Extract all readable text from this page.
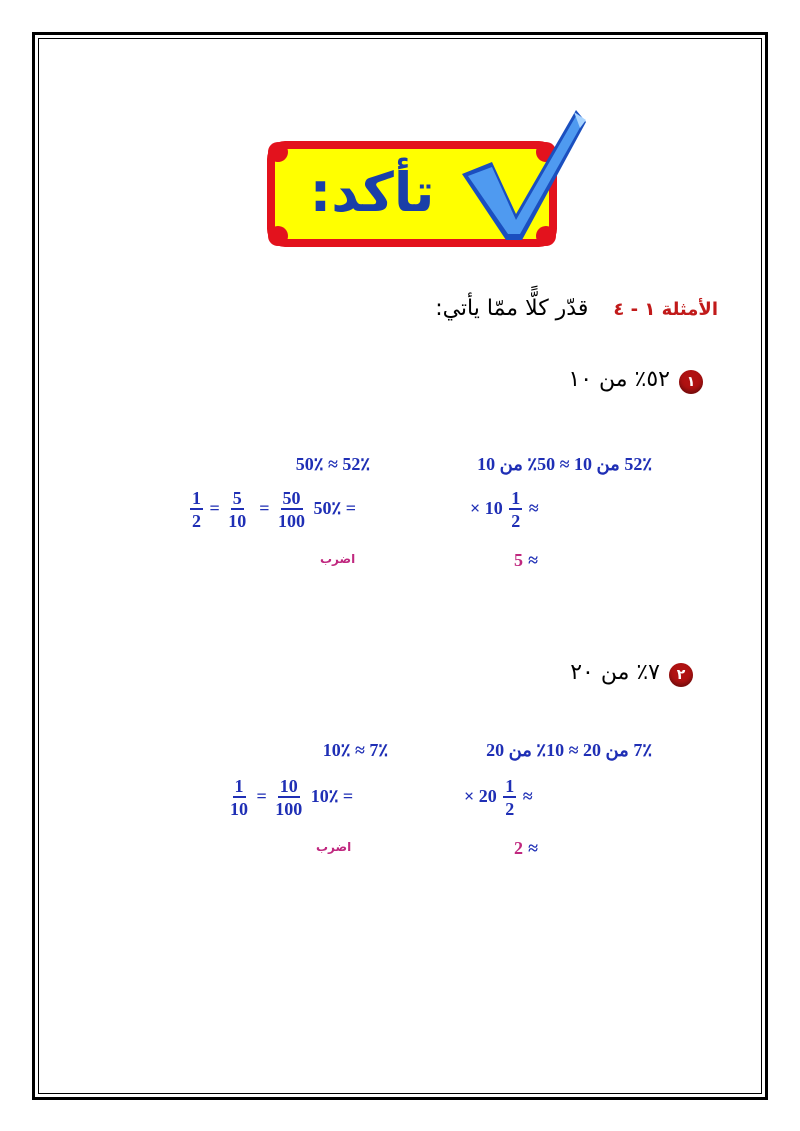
تأكد:
الأمثلة ١ - ٤ قدّر كلًّا ممّا يأتي:
١
٥٢٪ من ١٠
52٪ من 10 ≈ 50٪ من 10
52٪ ≈ 50٪
× $10 \frac{1}{2}$ ≈
$\frac{1}{2} = \frac{5}{10} = \frac{50}{100}$ 50٪ =
5 ≈
اضرب
٢
٧٪ من ٢٠
7٪ من 20 ≈ 10٪ من 20
7٪ ≈ 10٪
× $20 \frac{1}{2}$ ≈
$\frac{1}{10} = \frac{10}{100}$ 10٪ =
2 ≈
اضرب
